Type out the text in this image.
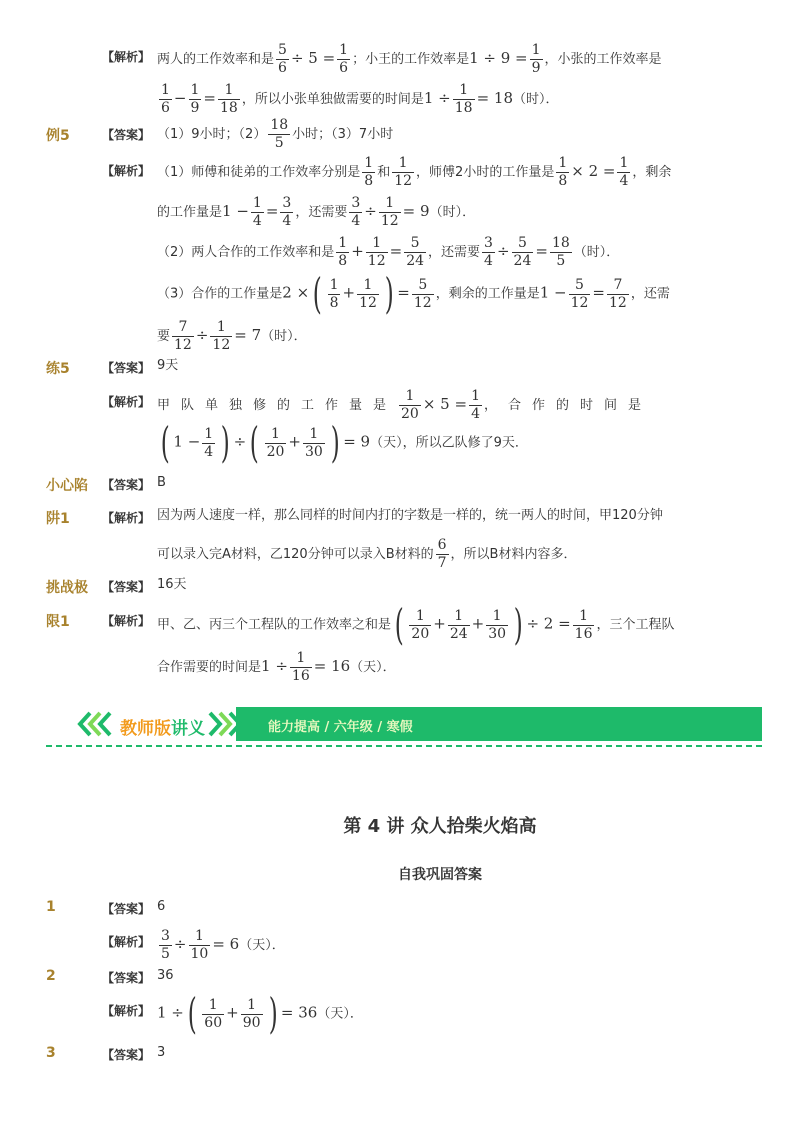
【解析】 两人的工作效率和是 $\frac{5}{6} \div 5 = \frac{1}{6}$ ；小王的工作效率是$1 \div 9 = \frac{1}{9}$ ，小张的工作效率是
$\frac{1}{6} - \frac{1}{9} = \frac{1}{18}$ ，所以小张单独做需要的时间是$1 \div \frac{1}{18} = 18$（时）．
例5	【答案】 （1）9小时；$(2) \frac{18}{5}$ 小时；（3）7小时
【解析】 （1）师傅和徒弟的工作效率分别是 $\frac{1}{8}$ 和 $\frac{1}{12}$ ，师傅2小时的工作量是 $\frac{1}{8} \times 2 = \frac{1}{4}$ ，剩余
的工作量是$1 - \frac{1}{4} = \frac{3}{4}$ ，还需要 $\frac{3}{4} \div \frac{1}{12} = 9$（时）．
（2）两人合作的工作效率和是 $\frac{1}{8} + \frac{1}{12} = \frac{5}{24}$ ，还需要 $\frac{3}{4} \div \frac{5}{24} = \frac{18}{5}$ （时）．
（3）合作的工作量是2 ×( $\frac{1}{8} + \frac{1}{12}$ ) = $\frac{5}{12}$ ，剩余的工作量是$1 - \frac{5}{12} = \frac{7}{12}$ ，还需
要 $\frac{7}{12} \div \frac{1}{12} = 7$（时）．
练5	【答案】 9天
【解析】 甲队单独修的工作量是 $\frac{1}{20} \times 5 = \frac{1}{4}$ ，合作的时间是
( $1 - \frac{1}{4}$ ) ÷( $\frac{1}{20} + \frac{1}{30}$ ) = 9（天），所以乙队修了9天．
小心陷 【答案】 B
阱1	【解析】 因为两人速度一样，那么同样的时间内打的字数是一样的，统一两人的时间，甲120分钟
可以录入完A材料，乙120分钟可以录入B材料的 $\frac{6}{7}$ ，所以B材料内容多．
挑战极 【答案】 16天
限1	【解析】 甲、乙、丙三个工程队的工作效率之和是( $\frac{1}{20} + \frac{1}{24} + \frac{1}{30}$ ) ÷ $2 = \frac{1}{16}$ ，三个工程队
合作需要的时间是$1 \div \frac{1}{16} = 16$（天）．
教师版 讲义	能力提高 / 六年级 / 寒假
第 4 讲 众人拾柴火焰高
自我巩固答案
1	【答案】 6
【解析】 $\frac{3}{5} \div \frac{1}{10} = 6$（天）．
2	【答案】 36
【解析】 1 ÷( $\frac{1}{60} + \frac{1}{90}$ ) = 36（天）．
3	【答案】 3
